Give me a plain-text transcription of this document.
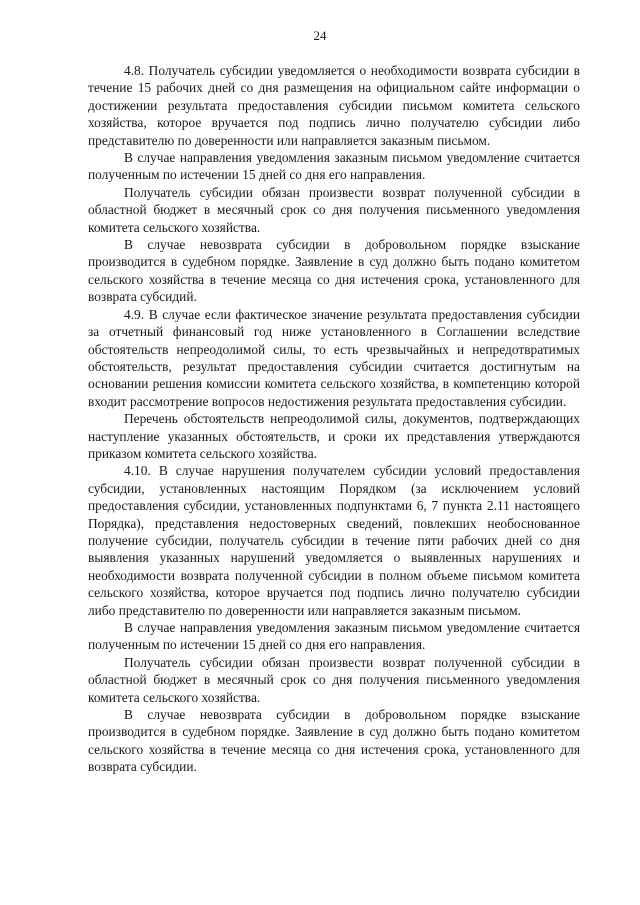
24

4.8. Получатель субсидии уведомляется о необходимости возврата субсидии в течение 15 рабочих дней со дня размещения на официальном сайте информации о достижении результата предоставления субсидии письмом комитета сельского хозяйства, которое вручается под подпись лично получателю субсидии либо представителю по доверенности или направляется заказным письмом.

В случае направления уведомления заказным письмом уведомление считается полученным по истечении 15 дней со дня его направления.

Получатель субсидии обязан произвести возврат полученной субсидии в областной бюджет в месячный срок со дня получения письменного уведомления комитета сельского хозяйства.

В случае невозврата субсидии в добровольном порядке взыскание производится в судебном порядке. Заявление в суд должно быть подано комитетом сельского хозяйства в течение месяца со дня истечения срока, установленного для возврата субсидий.

4.9. В случае если фактическое значение результата предоставления субсидии за отчетный финансовый год ниже установленного в Соглашении вследствие обстоятельств непреодолимой силы, то есть чрезвычайных и непредотвратимых обстоятельств, результат предоставления субсидии считается достигнутым на основании решения комиссии комитета сельского хозяйства, в компетенцию которой входит рассмотрение вопросов недостижения результата предоставления субсидии.

Перечень обстоятельств непреодолимой силы, документов, подтверждающих наступление указанных обстоятельств, и сроки их представления утверждаются приказом комитета сельского хозяйства.

4.10. В случае нарушения получателем субсидии условий предоставления субсидии, установленных настоящим Порядком (за исключением условий предоставления субсидии, установленных подпунктами 6, 7 пункта 2.11 настоящего Порядка), представления недостоверных сведений, повлекших необоснованное получение субсидии, получатель субсидии в течение пяти рабочих дней со дня выявления указанных нарушений уведомляется о выявленных нарушениях и необходимости возврата полученной субсидии в полном объеме письмом комитета сельского хозяйства, которое вручается под подпись лично получателю субсидии либо представителю по доверенности или направляется заказным письмом.

В случае направления уведомления заказным письмом уведомление считается полученным по истечении 15 дней со дня его направления.

Получатель субсидии обязан произвести возврат полученной субсидии в областной бюджет в месячный срок со дня получения письменного уведомления комитета сельского хозяйства.

В случае невозврата субсидии в добровольном порядке взыскание производится в судебном порядке. Заявление в суд должно быть подано комитетом сельского хозяйства в течение месяца со дня истечения срока, установленного для возврата субсидии.
